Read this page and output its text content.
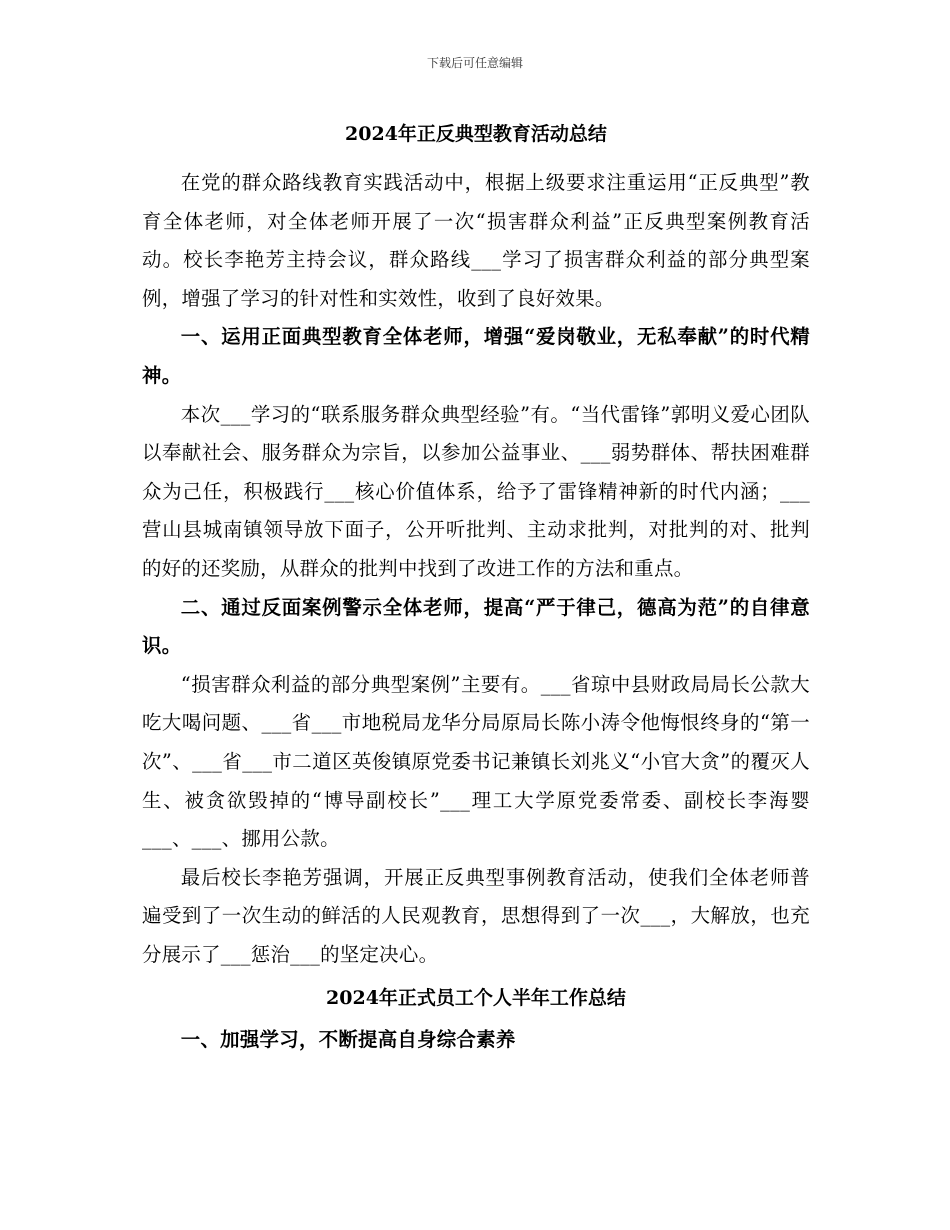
下载后可任意编辑
2024年正反典型教育活动总结

在党的群众路线教育实践活动中，根据上级要求注重运用“正反典型”教育全体老师，对全体老师开展了一次“损害群众利益”正反典型案例教育活动。校长李艳芳主持会议，群众路线___学习了损害群众利益的部分典型案例，增强了学习的针对性和实效性，收到了良好效果。

一、运用正面典型教育全体老师，增强“爱岗敬业，无私奉献”的时代精神。

本次___学习的“联系服务群众典型经验”有。“当代雷锋”郭明义爱心团队以奉献社会、服务群众为宗旨，以参加公益事业、___弱势群体、帮扶困难群众为己任，积极践行___核心价值体系，给予了雷锋精神新的时代内涵；___营山县城南镇领导放下面子，公开听批判、主动求批判，对批判的对、批判的好的还奖励，从群众的批判中找到了改进工作的方法和重点。

二、通过反面案例警示全体老师，提高“严于律己，德高为范”的自律意识。

“损害群众利益的部分典型案例”主要有。___省琼中县财政局局长公款大吃大喝问题、___省___市地税局龙华分局原局长陈小涛令他悔恨终身的“第一次”、___省___市二道区英俊镇原党委书记兼镇长刘兆义“小官大贪”的覆灭人生、被贪欲毁掉的“博导副校长”___理工大学原党委常委、副校长李海婴___、___、挪用公款。

最后校长李艳芳强调，开展正反典型事例教育活动，使我们全体老师普遍受到了一次生动的鲜活的人民观教育，思想得到了一次___，大解放，也充分展示了___惩治___的坚定决心。

2024年正式员工个人半年工作总结

一、加强学习，不断提高自身综合素养
